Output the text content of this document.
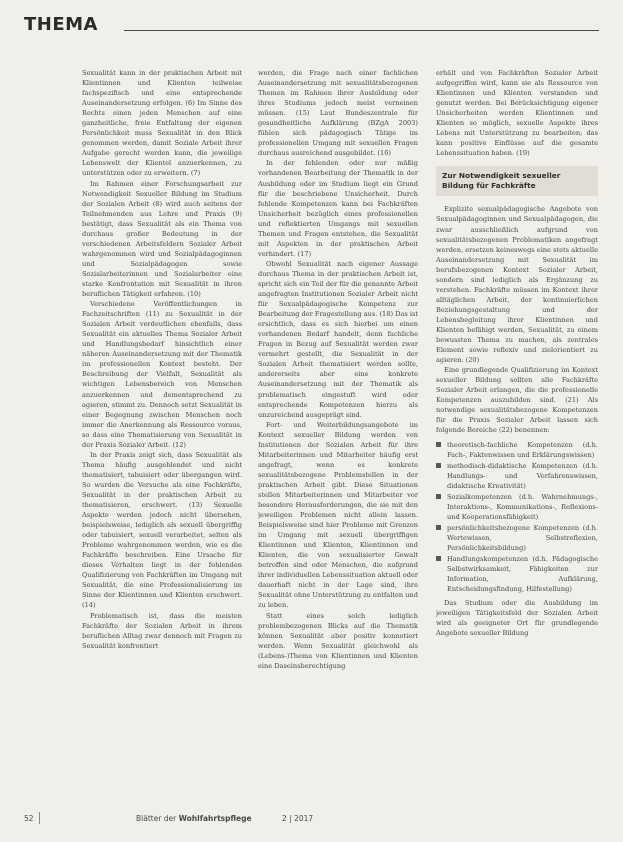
THEMA

Sexualität kann in der praktischen Arbeit mit Klientinnen und Klienten teilweise fachspezifisch und eine entsprechende Auseinandersetzung erfolgen. (6) Im Sinne des Rechts einen jeden Menschen auf eine ganzheitliche, freie Entfaltung der eigenen Persönlichkeit muss Sexualität in den Blick genommen werden, damit Soziale Arbeit ihrer Aufgabe gerecht werden kann, die jeweilige Lebenswelt der Klientel anzuerkennen, zu unterstützen oder zu erweitern. (7)

Im Rahmen einer Forschungsarbeit zur Notwendigkeit Sexueller Bildung im Studium der Sozialen Arbeit (8) wird auch seitens der Teilnehmenden aus Lehre und Praxis (9) bestätigt, dass Sexualität als ein Thema von durchaus großer Bedeutung in der verschiedenen Arbeitsfeldern Sozialer Arbeit wahrgenommen wird und Sozialpädagoginnen und Sozialpädagogen sowie Sozialarbeiterinnen und Sozialarbeiter eine starke Konfrontation mit Sexualität in ihren beruflichen Tätigkeit erfahren. (10)

Verschiedene Veröffentlichungen in Fachzeitschriften (11) zu Sexualität in der Sozialen Arbeit verdeutlichen ebenfalls, dass Sexualität ein aktuelles Thema Sozialer Arbeit und Handlungsbedarf hinsichtlich einer näheren Auseinandersetzung mit der Thematik im professionellen Kontext besteht. Der Beschreibung der Vielfalt, Sexualität als wichtigen Lebensbereich von Menschen anzuerkennen und dementsprechend zu agieren, stimmt zu. Dennoch setzt Sexualität in einer Begegnung zwischen Menschen noch immer die Anerkennung als Ressource voraus, so dass eine Thematisierung von Sexualität in der Praxis Sozialer Arbeit. (12)

In der Praxis zeigt sich, dass Sexualität als Thema häufig ausgeblendet und nicht thematisiert, tabuisiert oder übergangen wird. So wurden die Versuche als eine Fachkräfte, Sexualität in der praktischen Arbeit zu thematisieren, erschwert. (13) Sexuelle Aspekte werden jedoch nicht übersehen, beispielsweise, lediglich als sexuell übergriffig oder tabuisiert, sexuell verarbeitet, selten als Probleme wahrgenommen werden, wie es die Fachkräfte beschreiben. Eine Ursache für dieses Verhalten liegt in der fehlenden Qualifizierung von Fachkräften im Umgang mit Sexualität, die eine Professionalisierung im Sinne der Klientinnen und Klienten erschwert. (14)

Problematisch ist, dass die meisten Fachkräfte der Sozialen Arbeit in ihrem beruflichen Alltag zwar dennoch mit Fragen zu Sexualität konfrontiert

werden, die Frage nach einer fachlichen Auseinandersetzung mit sexualitätsbezogenen Themen im Rahmen ihrer Ausbildung oder ihres Studiums jedoch meist verneinen müssen. (15) Laut Bundeszentrale für gesundheitliche Aufklärung (BZgA 2003) fühlen sich pädagogisch Tätige im professionellen Umgang mit sexuellen Fragen durchaus ausreichend ausgebildet. (16)

In der fehlenden oder nur mäßig vorhandenen Bearbeitung der Thematik in der Ausbildung oder im Studium liegt ein Grund für die beschriebene Unsicherheit. Durch fehlende Kompetenzen kann bei Fachkräften Unsicherheit bezüglich eines professionellen und reflektierten Umgangs mit sexuellen Themen und Fragen entstehen, die Sexualität mit Aspekten in der praktischen Arbeit verhindert. (17)

Obwohl Sexualität nach eigener Aussage durchaus Thema in der praktischen Arbeit ist, spricht sich ein Teil der für die genannte Arbeit angefragten Institutionen Sozialer Arbeit nicht für Sexualpädagogische Kompetenz zur Bearbeitung der Fragestellung aus. (18) Das ist ersichtlich, dass es sich hierbei um einen vorhandenen Bedarf handelt, denn fachliche Fragen in Bezug auf Sexualität werden zwar vermehrt gestellt, die Sexualität in der Sozialen Arbeit thematisiert werden sollte, andererseits aber eine konkrete Auseinandersetzung mit der Thematik als problematisch eingestuft wird oder entsprechende Kompetenzen hierzu als unzureichend ausgeprägt sind.

Fort- und Weiterbildungsangebote im Kontext sexueller Bildung werden von Institutionen der Sozialen Arbeit für ihre Mitarbeiterinnen und Mitarbeiter häufig erst angefragt, wenn es konkrete sexualitätsbezogene Problemstellen in der praktischen Arbeit gibt. Diese Situationen stellen Mitarbeiterinnen und Mitarbeiter vor besondere Herausforderungen, die sie mit den jeweiligen Problemen nicht allein lassen. Beispielsweise sind hier Probleme mit Grenzen im Umgang mit sexuell übergriffigen Klientinnen und Klienten, Klientinnen und Klienten, die von sexualisierter Gewalt betroffen sind oder Menschen, die aufgrund ihrer individuellen Lebenssituation aktuell oder dauerhaft nicht in der Lage sind, ihre Sexualität ohne Unterstützung zu entfalten und zu leben.

Statt eines solch lediglich problembezogenen Blicks auf die Thematik können Sexualität aber positiv konnotiert werden. Wenn Sexualität gleichwohl als (Lebens-)Thema von Klientinnen und Klienten eine Daseinsberechtigung

erhält und von Fachkräften Sozialer Arbeit aufgegriffen wird, kann sie als Ressource von Klientinnen und Klienten verstanden und genutzt werden. Bei Berücksichtigung eigener Unsicherheiten werden Klientinnen und Klienten so möglich, sexuelle Aspekte ihres Lebens mit Unterstützung zu bearbeiten; das kann positive Einflüsse auf die gesamte Lebenssituation haben. (19)

Zur Notwendigkeit sexueller Bildung für Fachkräfte

Explizite sexualpädagogische Angebote von Sexualpädagoginnen und Sexualpädagogen, die zwar ausschließlich aufgrund von sexualitätsbezogenen Problematiken angefragt werden, ersetzen keineswegs eine stets aktuelle Auseinandersetzung mit Sexualität im berufsbezogenen Kontext Sozialer Arbeit, sondern sind lediglich als Ergänzung zu verstehen. Fachkräfte müssen im Kontext ihrer alltäglichen Arbeit, der kontinuierlichen Beziehungsgestaltung und der Lebensbegleitung ihrer Klientinnen und Klienten befähigt werden, Sexualität, zu einem bewussten Thema zu machen, als zentrales Element sowie reflexiv und zielorientiert zu agieren. (20)

Eine grundlegende Qualifizierung im Kontext sexueller Bildung sollten alle Fachkräfte Sozialer Arbeit erlangen, die die professionelle Kompetenzen auszubilden sind. (21) Als notwendige sexualitätsbezogene Kompetenzen für die Praxis Sozialer Arbeit lassen sich folgende Bereiche (22) benennen:

theoretisch-fachliche Kompetenzen (d.h. Fach-, Faktenwissen und Erklärungswissen)
methodisch-didaktische Kompetenzen (d.h. Handlungs- und Verfahrenswissen, didaktische Kreativität)
Sozialkompetenzen (d.h. Wahrnehmungs-, Interaktions-, Kommunikations-, Reflexions- und Kooperationsfähigkeit)
persönlichkeitsbezogene Kompetenzen (d.h. Wertewissen, Selbstreflexion, Persönlichkeitsbildung)
Handlungskompetenzen (d.h. Pädagogische Selbstwirksamkeit, Fähigkeiten zur Information, Aufklärung, Entscheidungsfindung, Hilfestellung)

Das Studium oder die Ausbildung im jeweiligen Tätigkeitsfeld der Sozialen Arbeit wird als geeigneter Ort für grundlegende Angebote sexueller Bildung

52	Blätter der Wohlfahrtspflege	2 | 2017
